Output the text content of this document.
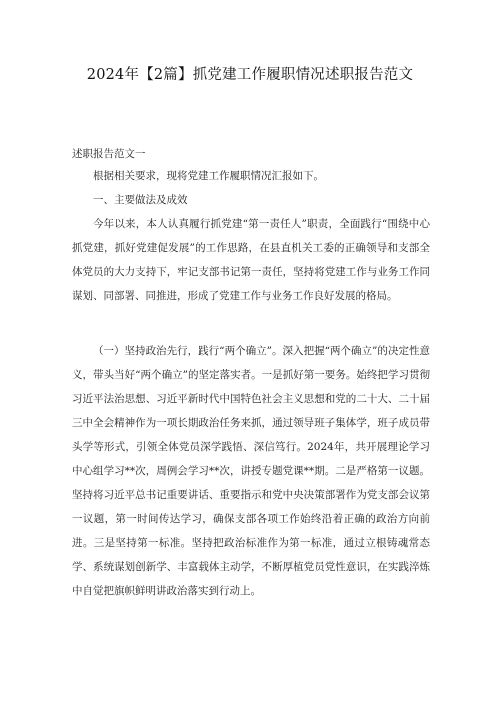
2024年【2篇】抓党建工作履职情况述职报告范文
述职报告范文一
根据相关要求，现将党建工作履职情况汇报如下。
一、主要做法及成效
今年以来，本人认真履行抓党建“第一责任人”职责，全面践行“围绕中心抓党建，抓好党建促发展”的工作思路，在县直机关工委的正确领导和支部全体党员的大力支持下，牢记支部书记第一责任，坚持将党建工作与业务工作同谋划、同部署、同推进，形成了党建工作与业务工作良好发展的格局。
（一）坚持政治先行，践行“两个确立”。深入把握“两个确立”的决定性意义，带头当好“两个确立”的坚定落实者。一是抓好第一要务。始终把学习贯彻习近平法治思想、习近平新时代中国特色社会主义思想和党的二十大、二十届三中全会精神作为一项长期政治任务来抓，通过领导班子集体学，班子成员带头学等形式，引领全体党员深学践悟、深信笃行。2024年，共开展理论学习中心组学习**次，周例会学习**次，讲授专题党课**期。二是严格第一议题。坚持将习近平总书记重要讲话、重要指示和党中央决策部署作为党支部会议第一议题，第一时间传达学习，确保支部各项工作始终沿着正确的政治方向前进。三是坚持第一标准。坚持把政治标准作为第一标准，通过立根铸魂常态学、系统谋划创新学、丰富载体主动学，不断厚植党员党性意识，在实践淬炼中自觉把旗帜鲜明讲政治落实到行动上。
